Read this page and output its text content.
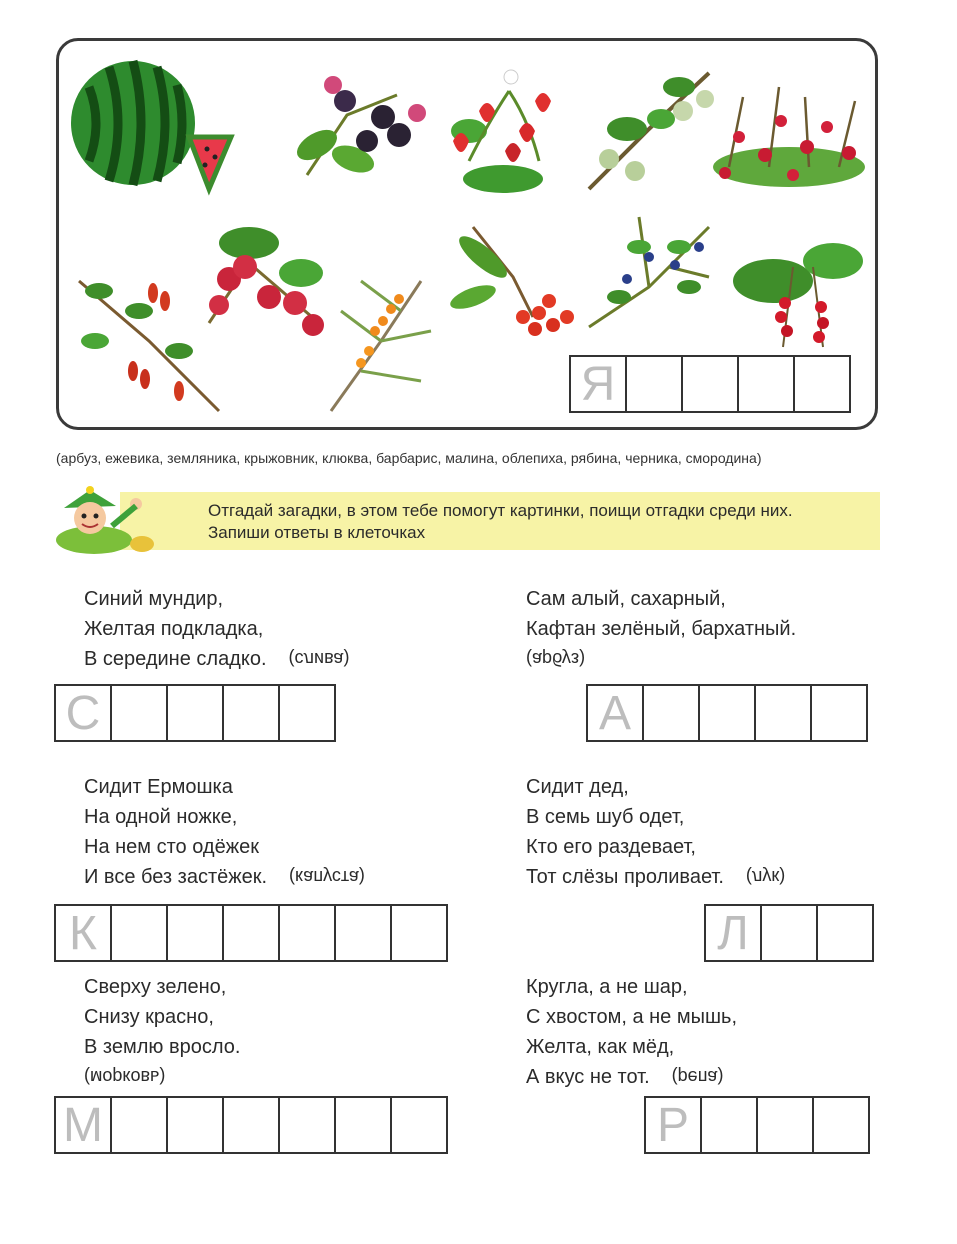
Я
(арбуз, ежевика, земляника, крыжовник, клюква, барбарис, малина, облепиха, рябина, черника, смородина)
Отгадай загадки, в этом тебе помогут картинки, поищи отгадки среди них.
Запиши ответы в клеточках
Синий мундир,
Желтая подкладка,
В середине сладко. (слива)
С
Сам алый, сахарный,
Кафтан зелёный, бархатный.
(арбуз)
А
Сидит Ермошка
На одной ножке,
На нем сто одёжек
И все без застёжек. (капуста)
К
Сидит дед,
В семь шуб одет,
Кто его раздевает,
Тот слёзы проливает. (лук)
Л
Сверху зелено,
Снизу красно,
В землю вросло.
(морковь)
М
Кругла, а не шар,
С хвостом, а не мышь,
Желта, как мёд,
А вкус не тот. (репа)
Р
